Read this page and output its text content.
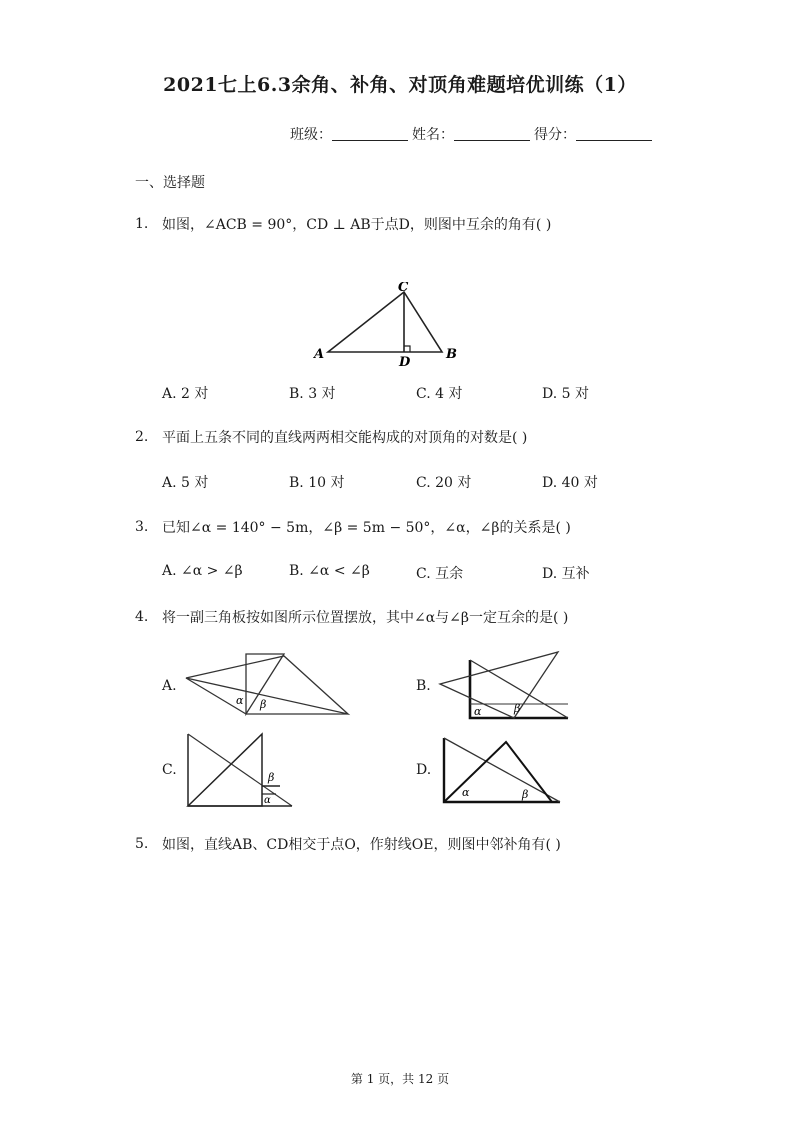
2021七上6.3余角、补角、对顶角难题培优训练（1）
班级：	姓名：	得分：
一、选择题
1. 如图，∠ACB = 90°，CD ⊥ AB于点D，则图中互余的角有( )
A	B
C
D
A. 2 对	B. 3 对	C. 4 对	D. 5 对
2. 平面上五条不同的直线两两相交能构成的对顶角的对数是( )
A. 5 对	B. 10 对	C. 20 对	D. 40 对
3. 已知∠α = 140° − 5m，∠β = 5m − 50°，∠α，∠β的关系是( )
A. ∠α > ∠β	B. ∠α < ∠β	C. 互余	D. 互补
4. 将一副三角板按如图所示位置摆放，其中∠α与∠β一定互余的是( )
A.
α β
B.
α	β
C.	β
α
D.
α	β
5. 如图，直线AB、CD相交于点O，作射线OE，则图中邻补角有( )
第 1 页，共 12 页
